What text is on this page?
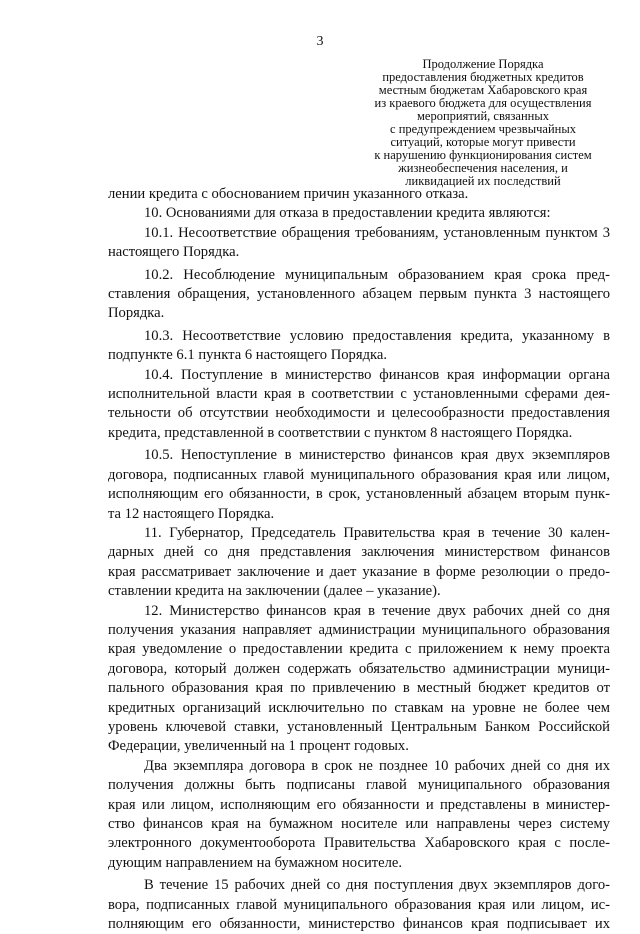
3
Продолжение Порядка
предоставления бюджетных кредитов
местным бюджетам Хабаровского края
из краевого бюджета для осуществления
мероприятий, связанных
с предупреждением чрезвычайных
ситуаций, которые могут привести
к нарушению функционирования систем
жизнеобеспечения населения, и
ликвидацией их последствий
лении кредита с обоснованием причин указанного отказа.
10. Основаниями для отказа в предоставлении кредита являются:
10.1. Несоответствие обращения требованиям, установленным пунктом 3
настоящего Порядка.
10.2. Несоблюдение муниципальным образованием края срока пред-
ставления обращения, установленного абзацем первым пункта 3 настоящего
Порядка.
10.3. Несоответствие условию предоставления кредита, указанному в
подпункте 6.1 пункта 6 настоящего Порядка.
10.4. Поступление в министерство финансов края информации органа
исполнительной власти края в соответствии с установленными сферами дея-
тельности об отсутствии необходимости и целесообразности предоставления
кредита, представленной в соответствии с пунктом 8 настоящего Порядка.
10.5. Непоступление в министерство финансов края двух экземпляров
договора, подписанных главой муниципального образования края или лицом,
исполняющим его обязанности, в срок, установленный абзацем вторым пунк-
та 12 настоящего Порядка.
11. Губернатор, Председатель Правительства края в течение 30 кален-
дарных дней со дня представления заключения министерством финансов
края рассматривает заключение и дает указание в форме резолюции о предо-
ставлении кредита на заключении (далее – указание).
12. Министерство финансов края в течение двух рабочих дней со дня
получения указания направляет администрации муниципального образования
края уведомление о предоставлении кредита с приложением к нему проекта
договора, который должен содержать обязательство администрации муници-
пального образования края по привлечению в местный бюджет кредитов от
кредитных организаций исключительно по ставкам на уровне не более чем
уровень ключевой ставки, установленный Центральным Банком Российской
Федерации, увеличенный на 1 процент годовых.
Два экземпляра договора в срок не позднее 10 рабочих дней со дня их
получения должны быть подписаны главой муниципального образования
края или лицом, исполняющим его обязанности и представлены в министер-
ство финансов края на бумажном носителе или направлены через систему
электронного документооборота Правительства Хабаровского края с после-
дующим направлением на бумажном носителе.
В течение 15 рабочих дней со дня поступления двух экземпляров дого-
вора, подписанных главой муниципального образования края или лицом, ис-
полняющим его обязанности, министерство финансов края подписывает их
